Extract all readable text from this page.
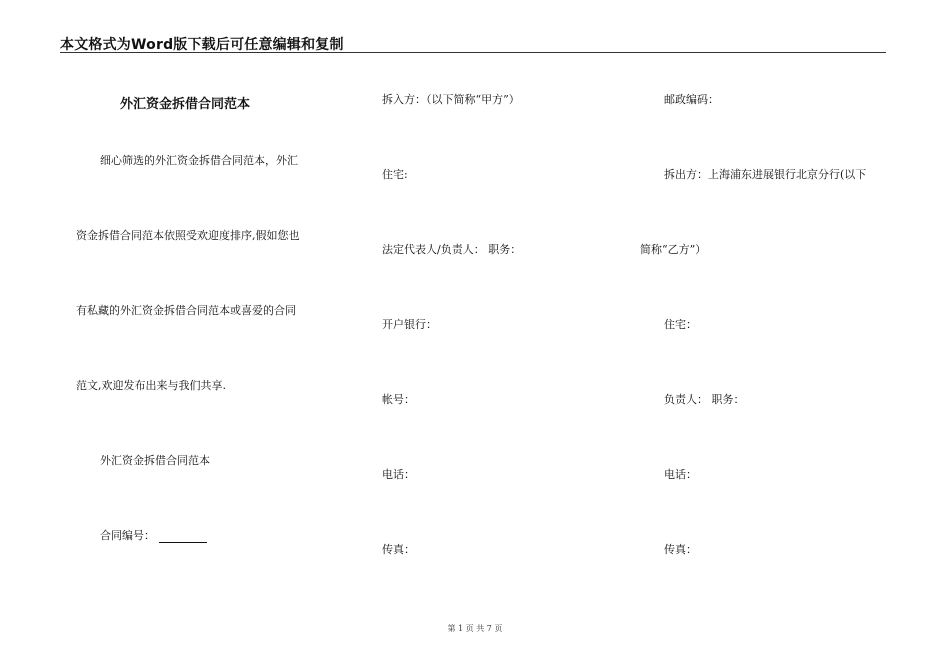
本文格式为Word版下载后可任意编辑和复制
外汇资金拆借合同范本
细心筛选的外汇资金拆借合同范本，外汇
资金拆借合同范本依照受欢迎度排序,假如您也
有私藏的外汇资金拆借合同范本或喜爱的合同
范文,欢迎发布出来与我们共享.
外汇资金拆借合同范本
合同编号：
拆入方：（以下简称“甲方”）
住宅:
法定代表人/负责人： 职务：
开户银行：
帐号：
电话：
传真：
邮政编码：
拆出方：上海浦东进展银行北京分行(以下
简称“乙方”）
住宅：
负责人： 职务：
电话：
传真：
第 1 页 共 7 页
